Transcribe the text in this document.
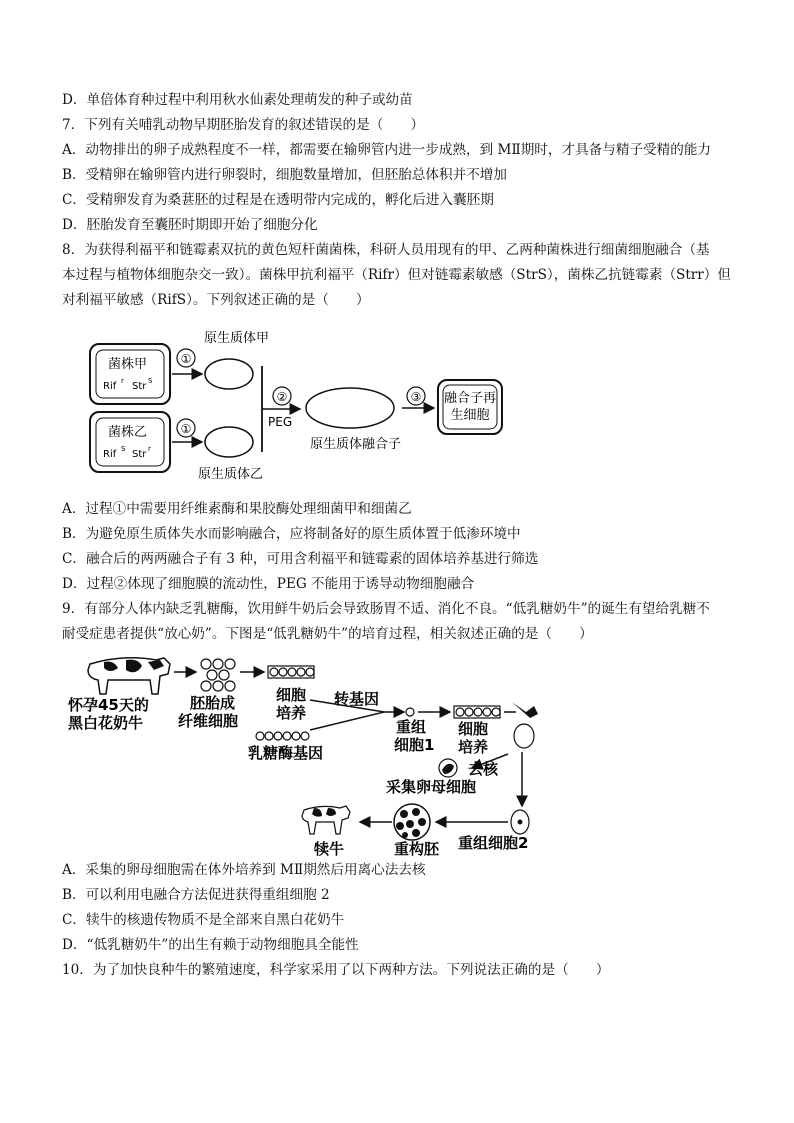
D．单倍体育种过程中利用秋水仙素处理萌发的种子或幼苗
7．下列有关哺乳动物早期胚胎发育的叙述错误的是（　　）
A．动物排出的卵子成熟程度不一样，都需要在输卵管内进一步成熟，到 MⅡ期时，才具备与精子受精的能力
B．受精卵在输卵管内进行卵裂时，细胞数量增加，但胚胎总体积并不增加
C．受精卵发育为桑葚胚的过程是在透明带内完成的，孵化后进入囊胚期
D．胚胎发育至囊胚时期即开始了细胞分化
8．为获得利福平和链霉素双抗的黄色短杆菌菌株，科研人员用现有的甲、乙两种菌株进行细菌细胞融合（基
本过程与植物体细胞杂交一致）。菌株甲抗利福平（Rifr）但对链霉素敏感（StrS），菌株乙抗链霉素（Strr）但
对利福平敏感（RifS）。下列叙述正确的是（　　）
菌株甲
Rif r Str S
菌株乙
Rif S Str r
①
①
原生质体甲
原生质体乙
②
PEG
原生质体融合子
③ 融合子再
生细胞
A．过程①中需要用纤维素酶和果胶酶处理细菌甲和细菌乙
B．为避免原生质体失水而影响融合，应将制备好的原生质体置于低渗环境中
C．融合后的两两融合子有 3 种，可用含利福平和链霉素的固体培养基进行筛选
D．过程②体现了细胞膜的流动性，PEG 不能用于诱导动物细胞融合
9．有部分人体内缺乏乳糖酶，饮用鲜牛奶后会导致肠胃不适、消化不良。“低乳糖奶牛”的诞生有望给乳糖不
耐受症患者提供“放心奶”。下图是“低乳糖奶牛”的培育过程，相关叙述正确的是（　　）
怀孕45天的
黑白花奶牛
胚胎成
纤维细胞
细胞
培养
转基因
乳糖酶基因
重组
细胞1
细胞
培养
去核
采集卵母细胞
重组细胞2
重构胚
犊牛
A．采集的卵母细胞需在体外培养到 MⅡ期然后用离心法去核
B．可以利用电融合方法促进获得重组细胞 2
C．犊牛的核遗传物质不是全部来自黑白花奶牛
D．“低乳糖奶牛”的出生有赖于动物细胞具全能性
10．为了加快良种牛的繁殖速度，科学家采用了以下两种方法。下列说法正确的是（　　）
